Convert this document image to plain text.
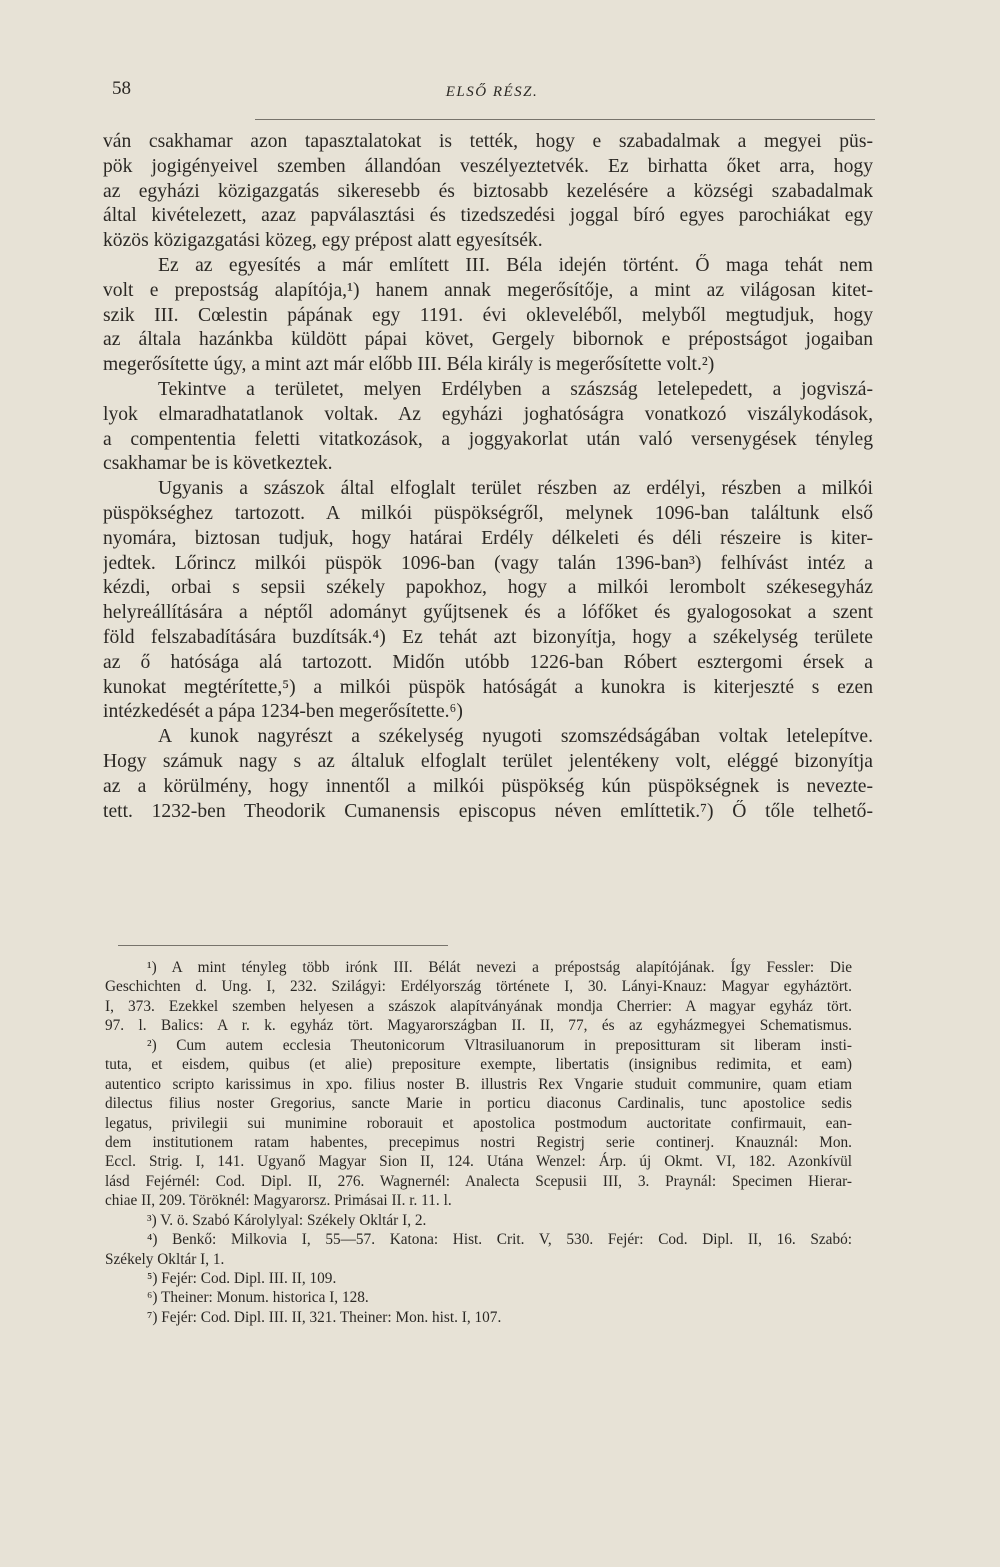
58	ELSŐ RÉSZ.
ván csakhamar azon tapasztalatokat is tették, hogy e szabadalmak a megyei püs-
pök jogigényeivel szemben állandóan veszélyeztetvék. Ez birhatta őket arra, hogy
az egyházi közigazgatás sikeresebb és biztosabb kezelésére a községi szabadalmak
által kivételezett, azaz papválasztási és tizedszedési joggal bíró egyes parochiákat egy
közös közigazgatási közeg, egy prépost alatt egyesítsék.
Ez az egyesítés a már említett III. Béla idején történt. Ő maga tehát nem
volt e prepostság alapítója,¹) hanem annak megerősítője, a mint az világosan kitet-
szik III. Cœlestin pápának egy 1191. évi okleveléből, melyből megtudjuk, hogy
az általa hazánkba küldött pápai követ, Gergely bibornok e prépostságot jogaiban
megerősítette úgy, a mint azt már előbb III. Béla király is megerősítette volt.²)
Tekintve a területet, melyen Erdélyben a szászság letelepedett, a jogviszá-
lyok elmaradhatatlanok voltak. Az egyházi joghatóságra vonatkozó viszálykodások,
a compententia feletti vitatkozások, a joggyakorlat után való versenygések tényleg
csakhamar be is következtek.
Ugyanis a szászok által elfoglalt terület részben az erdélyi, részben a milkói
püspökséghez tartozott. A milkói püspökségről, melynek 1096-ban találtunk első
nyomára, biztosan tudjuk, hogy határai Erdély délkeleti és déli részeire is kiter-
jedtek. Lőrincz milkói püspök 1096-ban (vagy talán 1396-ban³) felhívást intéz a
kézdi, orbai s sepsii székely papokhoz, hogy a milkói lerombolt székesegyház
helyreállítására a néptől adományt gyűjtsenek és a lófőket és gyalogosokat a szent
föld felszabadítására buzdítsák.⁴) Ez tehát azt bizonyítja, hogy a székelység területe
az ő hatósága alá tartozott. Midőn utóbb 1226-ban Róbert esztergomi érsek a
kunokat megtérítette,⁵) a milkói püspök hatóságát a kunokra is kiterjeszté s ezen
intézkedését a pápa 1234-ben megerősítette.⁶)
A kunok nagyrészt a székelység nyugoti szomszédságában voltak letelepítve.
Hogy számuk nagy s az általuk elfoglalt terület jelentékeny volt, eléggé bizonyítja
az a körülmény, hogy innentől a milkói püspökség kún püspökségnek is neveztе-
tett. 1232-ben Theodorik Cumanensis episcopus néven említtetik.⁷) Ő tőle telhető-
¹) A mint tényleg több irónk III. Bélát nevezi a prépostság alapítójának. Így Fessler: Die
Geschichten d. Ung. I, 232. Szilágyi: Erdélyország története I, 30. Lányi-Knauz: Magyar egyháztört.
I, 373. Ezekkel szemben helyesen a szászok alapítványának mondja Cherrier: A magyar egyház tört.
97. l. Balics: A r. k. egyház tört. Magyarországban II. II, 77, és az egyházmegyei Schematismus.
²) Cum autem ecclesia Theutonicorum Vltrasiluanorum in prepositturam sit liberam insti-
tuta, et eisdem, quibus (et alie) prepositure exempte, libertatis (insignibus redimita, et eam)
autentico scripto karissimus in xpo. filius noster B. illustris Rex Vngarie studuit communire, quam etiam
dilectus filius noster Gregorius, sancte Marie in porticu diaconus Cardinalis, tunc apostolice sedis
legatus, privilegii sui munimine roborauit et apostolica postmodum auctoritate confirmauit, ean-
dem institutionem ratam habentes, precepimus nostri Registrj serie continerj. Knauznál: Mon.
Eccl. Strig. I, 141. Ugyanő Magyar Sion II, 124. Utána Wenzel: Árp. új Okmt. VI, 182. Azonkívül
lásd Fejérnél: Cod. Dipl. II, 276. Wagnernél: Analecta Scepusii III, 3. Praynál: Specimen Hierar-
chiae II, 209. Töröknél: Magyarorsz. Primásai II. r. 11. l.
³) V. ö. Szabó Károlylyal: Székely Okltár I, 2.
⁴) Benkő: Milkovia I, 55—57. Katona: Hist. Crit. V, 530. Fejér: Cod. Dipl. II, 16. Szabó:
Székely Okltár I, 1.
⁵) Fejér: Cod. Dipl. III. II, 109.
⁶) Theiner: Monum. historica I, 128.
⁷) Fejér: Cod. Dipl. III. II, 321. Theiner: Mon. hist. I, 107.
